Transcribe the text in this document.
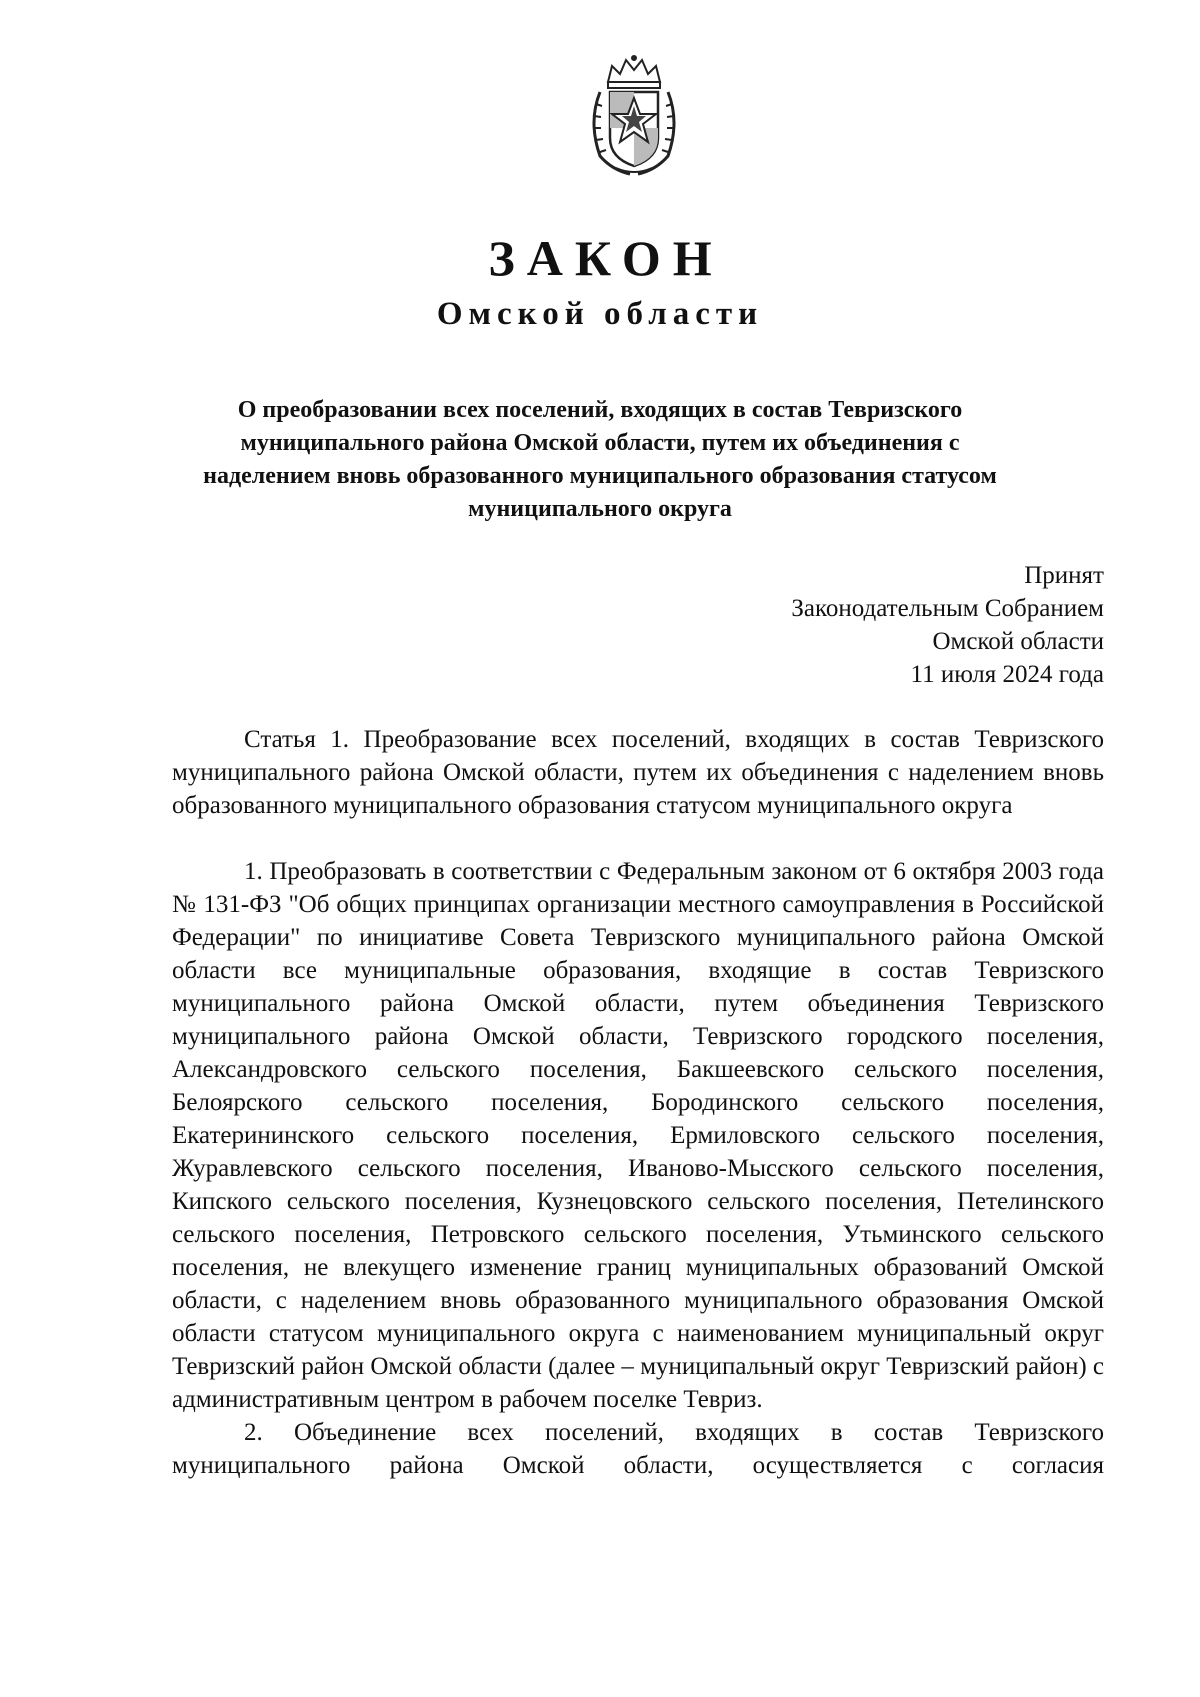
ЗАКОН
Омской области
О преобразовании всех поселений, входящих в состав Тевризского муниципального района Омской области, путем их объединения с наделением вновь образованного муниципального образования статусом муниципального округа
Принят
Законодательным Собранием
Омской области
11 июля 2024 года

Статья 1. Преобразование всех поселений, входящих в состав Тевризского муниципального района Омской области, путем их объединения с наделением вновь образованного муниципального образования статусом муниципального округа

1. Преобразовать в соответствии с Федеральным законом от 6 октября 2003 года № 131-ФЗ "Об общих принципах организации местного самоуправления в Российской Федерации" по инициативе Совета Тевризского муниципального района Омской области все муниципальные образования, входящие в состав Тевризского муниципального района Омской области, путем объединения Тевризского муниципального района Омской области, Тевризского городского поселения, Александровского сельского поселения, Бакшеевского сельского поселения, Белоярского сельского поселения, Бородинского сельского поселения, Екатерининского сельского поселения, Ермиловского сельского поселения, Журавлевского сельского поселения, Иваново-Мысского сельского поселения, Кипского сельского поселения, Кузнецовского сельского поселения, Петелинского сельского поселения, Петровского сельского поселения, Утьминского сельского поселения, не влекущего изменение границ муниципальных образований Омской области, с наделением вновь образованного муниципального образования Омской области статусом муниципального округа с наименованием муниципальный округ Тевризский район Омской области (далее – муниципальный округ Тевризский район) с административным центром в рабочем поселке Тевриз.

2. Объединение всех поселений, входящих в состав Тевризского муниципального района Омской области, осуществляется с согласия
